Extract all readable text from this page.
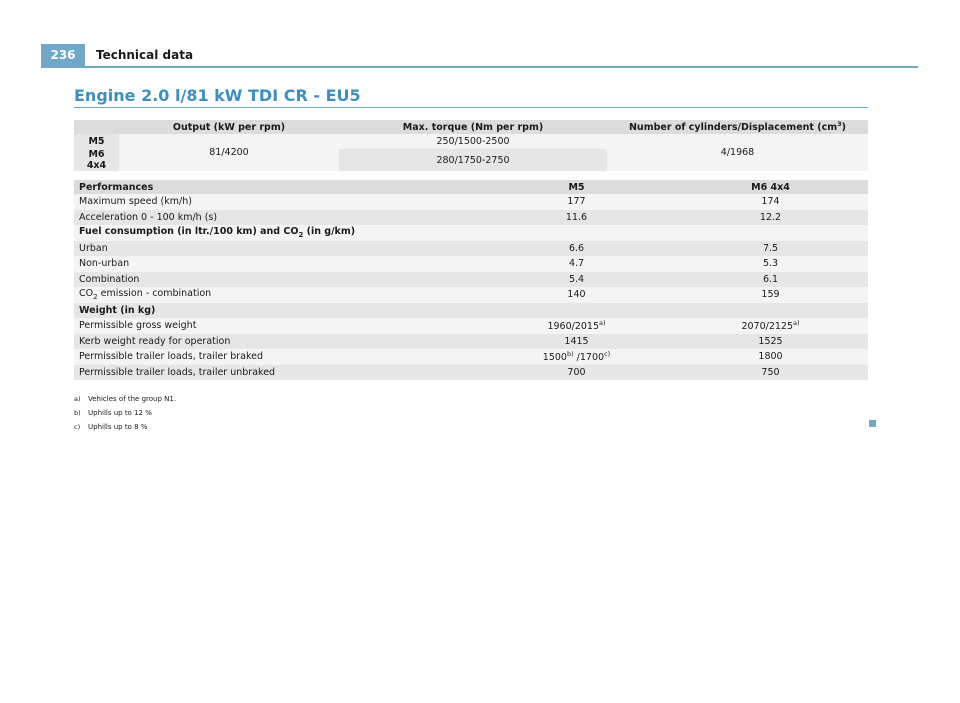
236	Technical data
Engine 2.0 l/81 kW TDI CR - EU5
	Output (kW per rpm)	Max. torque (Nm per rpm)	Number of cylinders/Displacement $(cm^3)$
M5	81/4200	250/1500-2500	4/1968
M6 4x4		280/1750-2750	
Performances	M5	M6 4x4
Maximum speed (km/h)	177	174
Acceleration 0 - 100 km/h (s)	11.6	12.2
Fuel consumption (in ltr./100 km) and $CO_2$ (in g/km)		
Urban	6.6	7.5
Non-urban	4.7	5.3
Combination	5.4	6.1
$CO_2$ emission - combination	140	159
Weight (in kg)		
Permissible gross weight	1960/2015$^{a)}$	2070/2125$^{a)}$
Kerb weight ready for operation	1415	1525
Permissible trailer loads, trailer braked	1500$^{b)}$ /1700$^{c)}$	1800
Permissible trailer loads, trailer unbraked	700	750
a)	Vehicles of the group N1.
b)	Uphills up to 12 %
c)	Uphills up to 8 %
